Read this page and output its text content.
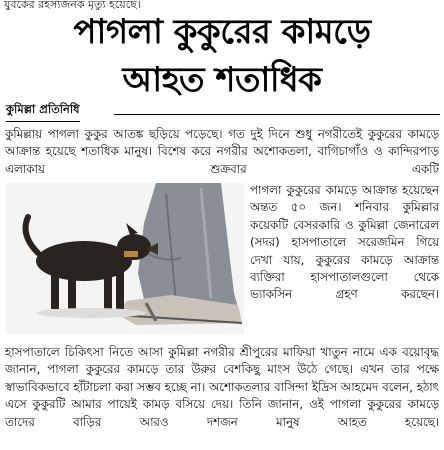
যুবকের রহস্যজনক মৃত্যু হয়েছে।
পাগলা কুকুরের কামড়ে
আহত শতাধিক
কুমিল্লা প্রতিনিধি
কুমিল্লায় পাগলা কুকুর আতঙ্ক ছড়িয়ে পড়েছে। গত দুই দিনে শুধু নগরীতেই কুকুরের কামড়ে আক্রান্ত হয়েছে শতাধিক মানুষ। বিশেষ করে নগরীর অশোকতলা, বাগিচাগাঁও ও কান্দিরপাড় এলাকায় শুক্রবার একটি
পাগলা কুকুরের কামড়ে আক্রান্ত হয়েছেন অন্তত ৫০ জন। শনিবার কুমিল্লার কয়েকটি বেসরকারি ও কুমিল্লা জেনারেল (সদর) হাসপাতালে সরেজমিন গিয়ে দেখা যায়, কুকুরের কামড়ে আক্রান্ত ব্যক্তিরা হাসপাতালগুলো থেকে ভ্যাকসিন গ্রহণ করছেন।
হাসপাতালে চিকিৎসা নিতে আসা কুমিল্লা নগরীর শ্রীপুরের মাফিয়া খাতুন নামে এক বয়োবৃদ্ধ জানান, পাগলা কুকুরের কামড়ে তার উরুর বেশকিছু মাংস উঠে গেছে। এখন তার পক্ষে স্বাভাবিকভাবে হাঁটাচলা করা সম্ভব হচ্ছে না। অশোকতলার বাসিন্দা ইদ্রিস আহমেদ বলেন, হঠাৎ এসে কুকুরটি আমার পায়েই কামড় বসিয়ে দেয়। তিনি জানান, ওই পাগলা কুকুরের কামড়ে তাদের বাড়ির আরও দশজন মানুষ আহত হয়েছে।
